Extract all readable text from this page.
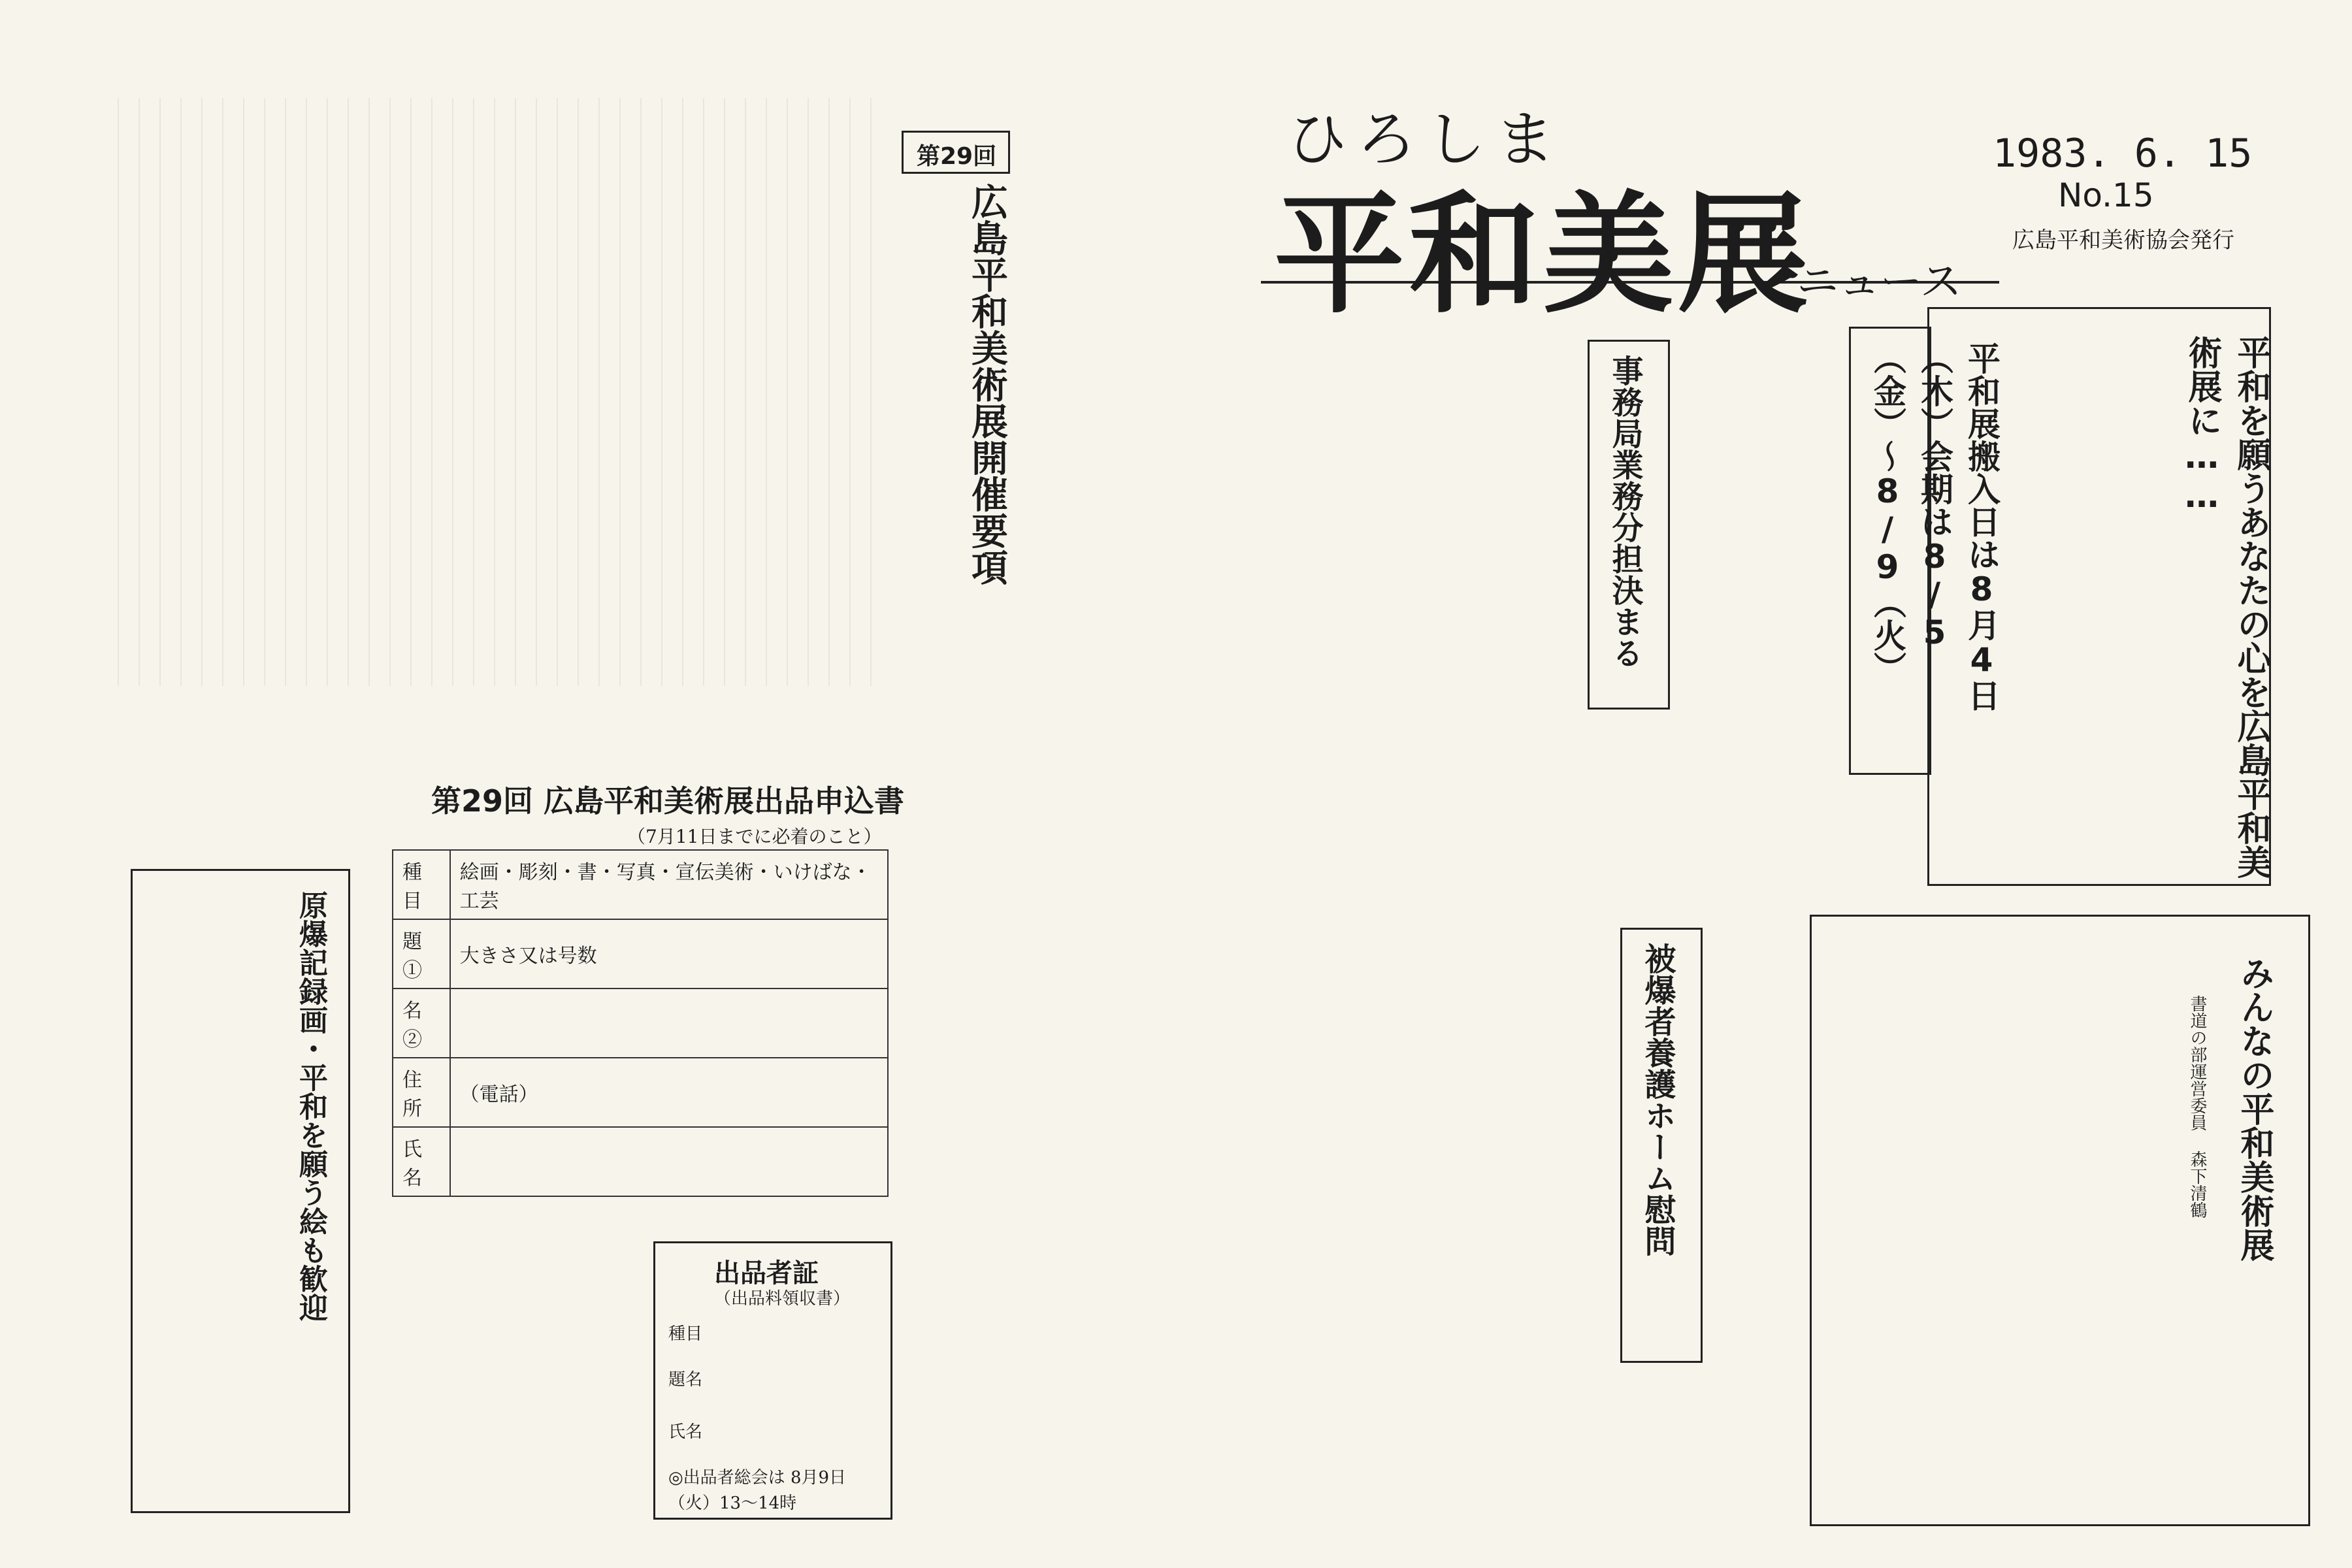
第29回
広島平和美術展開催要項
第29回 広島平和美術展出品申込書
（7月11日までに必着のこと）
種目	絵画・彫刻・書・写真・宣伝美術・いけばな・工芸
題①	大きさ又は号数
名②	
住所	（電話）
氏名	
出品者証
（出品料領収書）
種目
題名
氏名
◎出品者総会は 8月9日（火）13〜14時
原爆記録画・平和を願う絵も歓迎
ひろしま
平和美展
ニュース
1983. 6. 15
No.15
広島平和美術協会発行
平和を願うあなたの心を広島平和美術展に……
平和展搬入日は8月4日（木）会期は8/5（金）〜8/9（火）
事務局業務分担決まる
被爆者養護ホーム慰問	みんなの平和美術展
書道の部運営委員 森下清鶴
